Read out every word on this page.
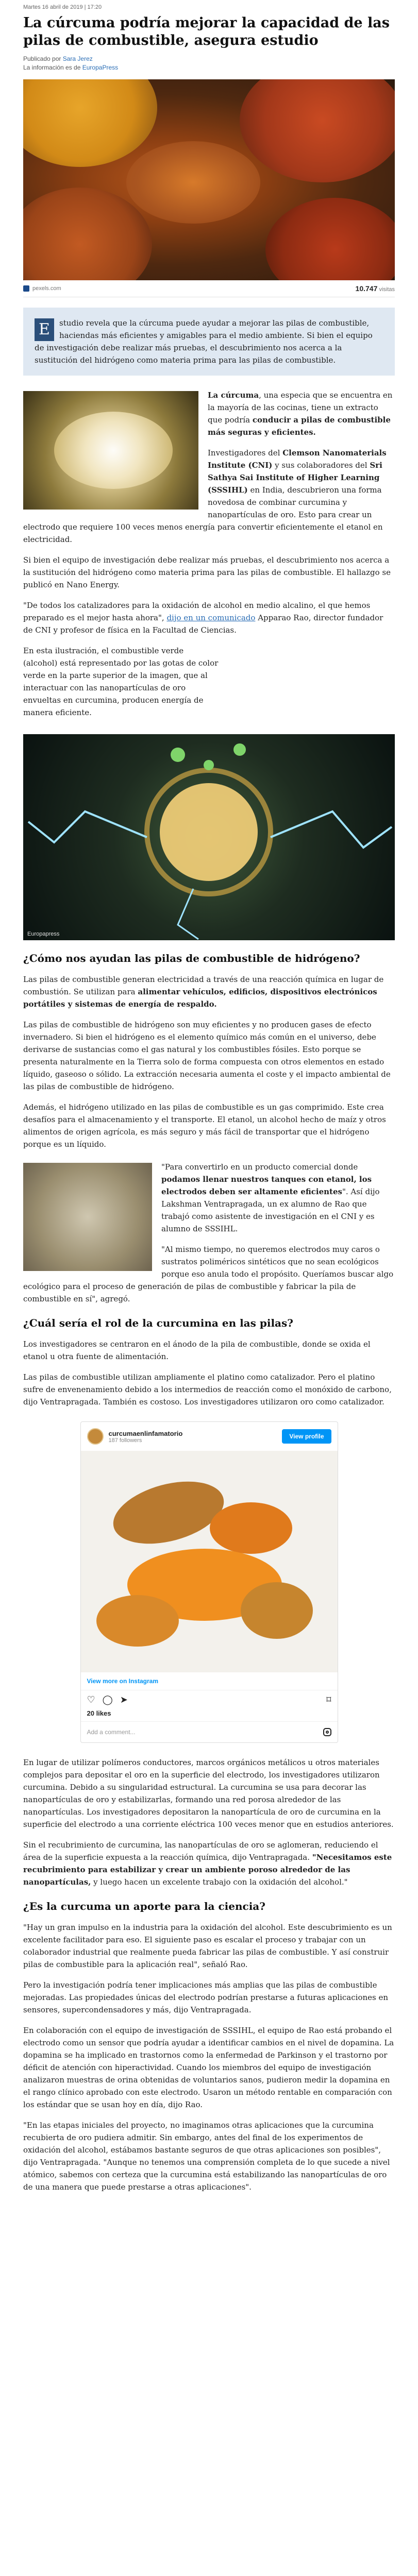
Martes 16 abril de 2019 | 17:20
La cúrcuma podría mejorar la capacidad de las pilas de combustible, asegura estudio
Publicado por Sara Jerez
La información es de EuropaPress
pexels.com	10.747 visitas
E	studio revela que la cúrcuma puede ayudar a mejorar las pilas de combustible, haciendas más eficientes y amigables para el medio ambiente. Si bien el equipo de investigación debe realizar más pruebas, el descubrimiento nos acerca a la sustitución del hidrógeno como materia prima para las pilas de combustible.

La cúrcuma, una especia que se encuentra en la mayoría de las cocinas, tiene un extracto que podría conducir a pilas de combustible más seguras y eficientes.

Investigadores del Clemson Nanomaterials Institute (CNI) y sus colaboradores del Sri Sathya Sai Institute of Higher Learning (SSSIHL) en India, descubrieron una forma novedosa de combinar curcumina y nanopartículas de oro. Esto para crear un electrodo que requiere 100 veces menos energía para convertir eficientemente el etanol en electricidad.

Si bien el equipo de investigación debe realizar más pruebas, el descubrimiento nos acerca a la sustitución del hidrógeno como materia prima para las pilas de combustible. El hallazgo se publicó en Nano Energy.

"De todos los catalizadores para la oxidación de alcohol en medio alcalino, el que hemos preparado es el mejor hasta ahora", dijo en un comunicado Apparao Rao, director fundador de CNI y profesor de física en la Facultad de Ciencias.

En esta ilustración, el combustible verde (alcohol) está representado por las gotas de color verde en la parte superior de la imagen, que al interactuar con las nanopartículas de oro envueltas en curcumina, producen energía de manera eficiente.

Europapress
¿Cómo nos ayudan las pilas de combustible de hidrógeno?

Las pilas de combustible generan electricidad a través de una reacción química en lugar de combustión. Se utilizan para alimentar vehículos, edificios, dispositivos electrónicos portátiles y sistemas de energía de respaldo.

Las pilas de combustible de hidrógeno son muy eficientes y no producen gases de efecto invernadero. Si bien el hidrógeno es el elemento químico más común en el universo, debe derivarse de sustancias como el gas natural y los combustibles fósiles. Esto porque se presenta naturalmente en la Tierra solo de forma compuesta con otros elementos en estado líquido, gaseoso o sólido. La extracción necesaria aumenta el coste y el impacto ambiental de las pilas de combustible de hidrógeno.

Además, el hidrógeno utilizado en las pilas de combustible es un gas comprimido. Este crea desafíos para el almacenamiento y el transporte. El etanol, un alcohol hecho de maíz y otros alimentos de origen agrícola, es más seguro y más fácil de transportar que el hidrógeno porque es un líquido.

"Para convertirlo en un producto comercial donde podamos llenar nuestros tanques con etanol, los electrodos deben ser altamente eficientes". Así dijo Lakshman Ventrapragada, un ex alumno de Rao que trabajó como asistente de investigación en el CNI y es alumno de SSSIHL.

"Al mismo tiempo, no queremos electrodos muy caros o sustratos poliméricos sintéticos que no sean ecológicos porque eso anula todo el propósito. Queríamos buscar algo ecológico para el proceso de generación de pilas de combustible y fabricar la pila de combustible en sí", agregó.

¿Cuál sería el rol de la curcumina en las pilas?

Los investigadores se centraron en el ánodo de la pila de combustible, donde se oxida el etanol u otra fuente de alimentación.

Las pilas de combustible utilizan ampliamente el platino como catalizador. Pero el platino sufre de envenenamiento debido a los intermedios de reacción como el monóxido de carbono, dijo Ventrapragada. También es costoso. Los investigadores utilizaron oro como catalizador.

curcumaenlinfamatorio
187 followers
View profile
View more on Instagram
♡ ◯ ➤	⌑
20 likes
Add a comment...

En lugar de utilizar polímeros conductores, marcos orgánicos metálicos u otros materiales complejos para depositar el oro en la superficie del electrodo, los investigadores utilizaron curcumina. Debido a su singularidad estructural. La curcumina se usa para decorar las nanopartículas de oro y estabilizarlas, formando una red porosa alrededor de las nanopartículas. Los investigadores depositaron la nanopartícula de oro de curcumina en la superficie del electrodo a una corriente eléctrica 100 veces menor que en estudios anteriores.

Sin el recubrimiento de curcumina, las nanopartículas de oro se aglomeran, reduciendo el área de la superficie expuesta a la reacción química, dijo Ventrapragada. "Necesitamos este recubrimiento para estabilizar y crear un ambiente poroso alrededor de las nanopartículas, y luego hacen un excelente trabajo con la oxidación del alcohol."

¿Es la curcuma un aporte para la ciencia?

"Hay un gran impulso en la industria para la oxidación del alcohol. Este descubrimiento es un excelente facilitador para eso. El siguiente paso es escalar el proceso y trabajar con un colaborador industrial que realmente pueda fabricar las pilas de combustible. Y así construir pilas de combustible para la aplicación real", señaló Rao.

Pero la investigación podría tener implicaciones más amplias que las pilas de combustible mejoradas. Las propiedades únicas del electrodo podrían prestarse a futuras aplicaciones en sensores, supercondensadores y más, dijo Ventrapragada.

En colaboración con el equipo de investigación de SSSIHL, el equipo de Rao está probando el electrodo como un sensor que podría ayudar a identificar cambios en el nivel de dopamina. La dopamina se ha implicado en trastornos como la enfermedad de Parkinson y el trastorno por déficit de atención con hiperactividad. Cuando los miembros del equipo de investigación analizaron muestras de orina obtenidas de voluntarios sanos, pudieron medir la dopamina en el rango clínico aprobado con este electrodo. Usaron un método rentable en comparación con los estándar que se usan hoy en día, dijo Rao.

"En las etapas iniciales del proyecto, no imaginamos otras aplicaciones que la curcumina recubierta de oro pudiera admitir. Sin embargo, antes del final de los experimentos de oxidación del alcohol, estábamos bastante seguros de que otras aplicaciones son posibles", dijo Ventrapragada. "Aunque no tenemos una comprensión completa de lo que sucede a nivel atómico, sabemos con certeza que la curcumina está estabilizando las nanopartículas de oro de una manera que puede prestarse a otras aplicaciones".
